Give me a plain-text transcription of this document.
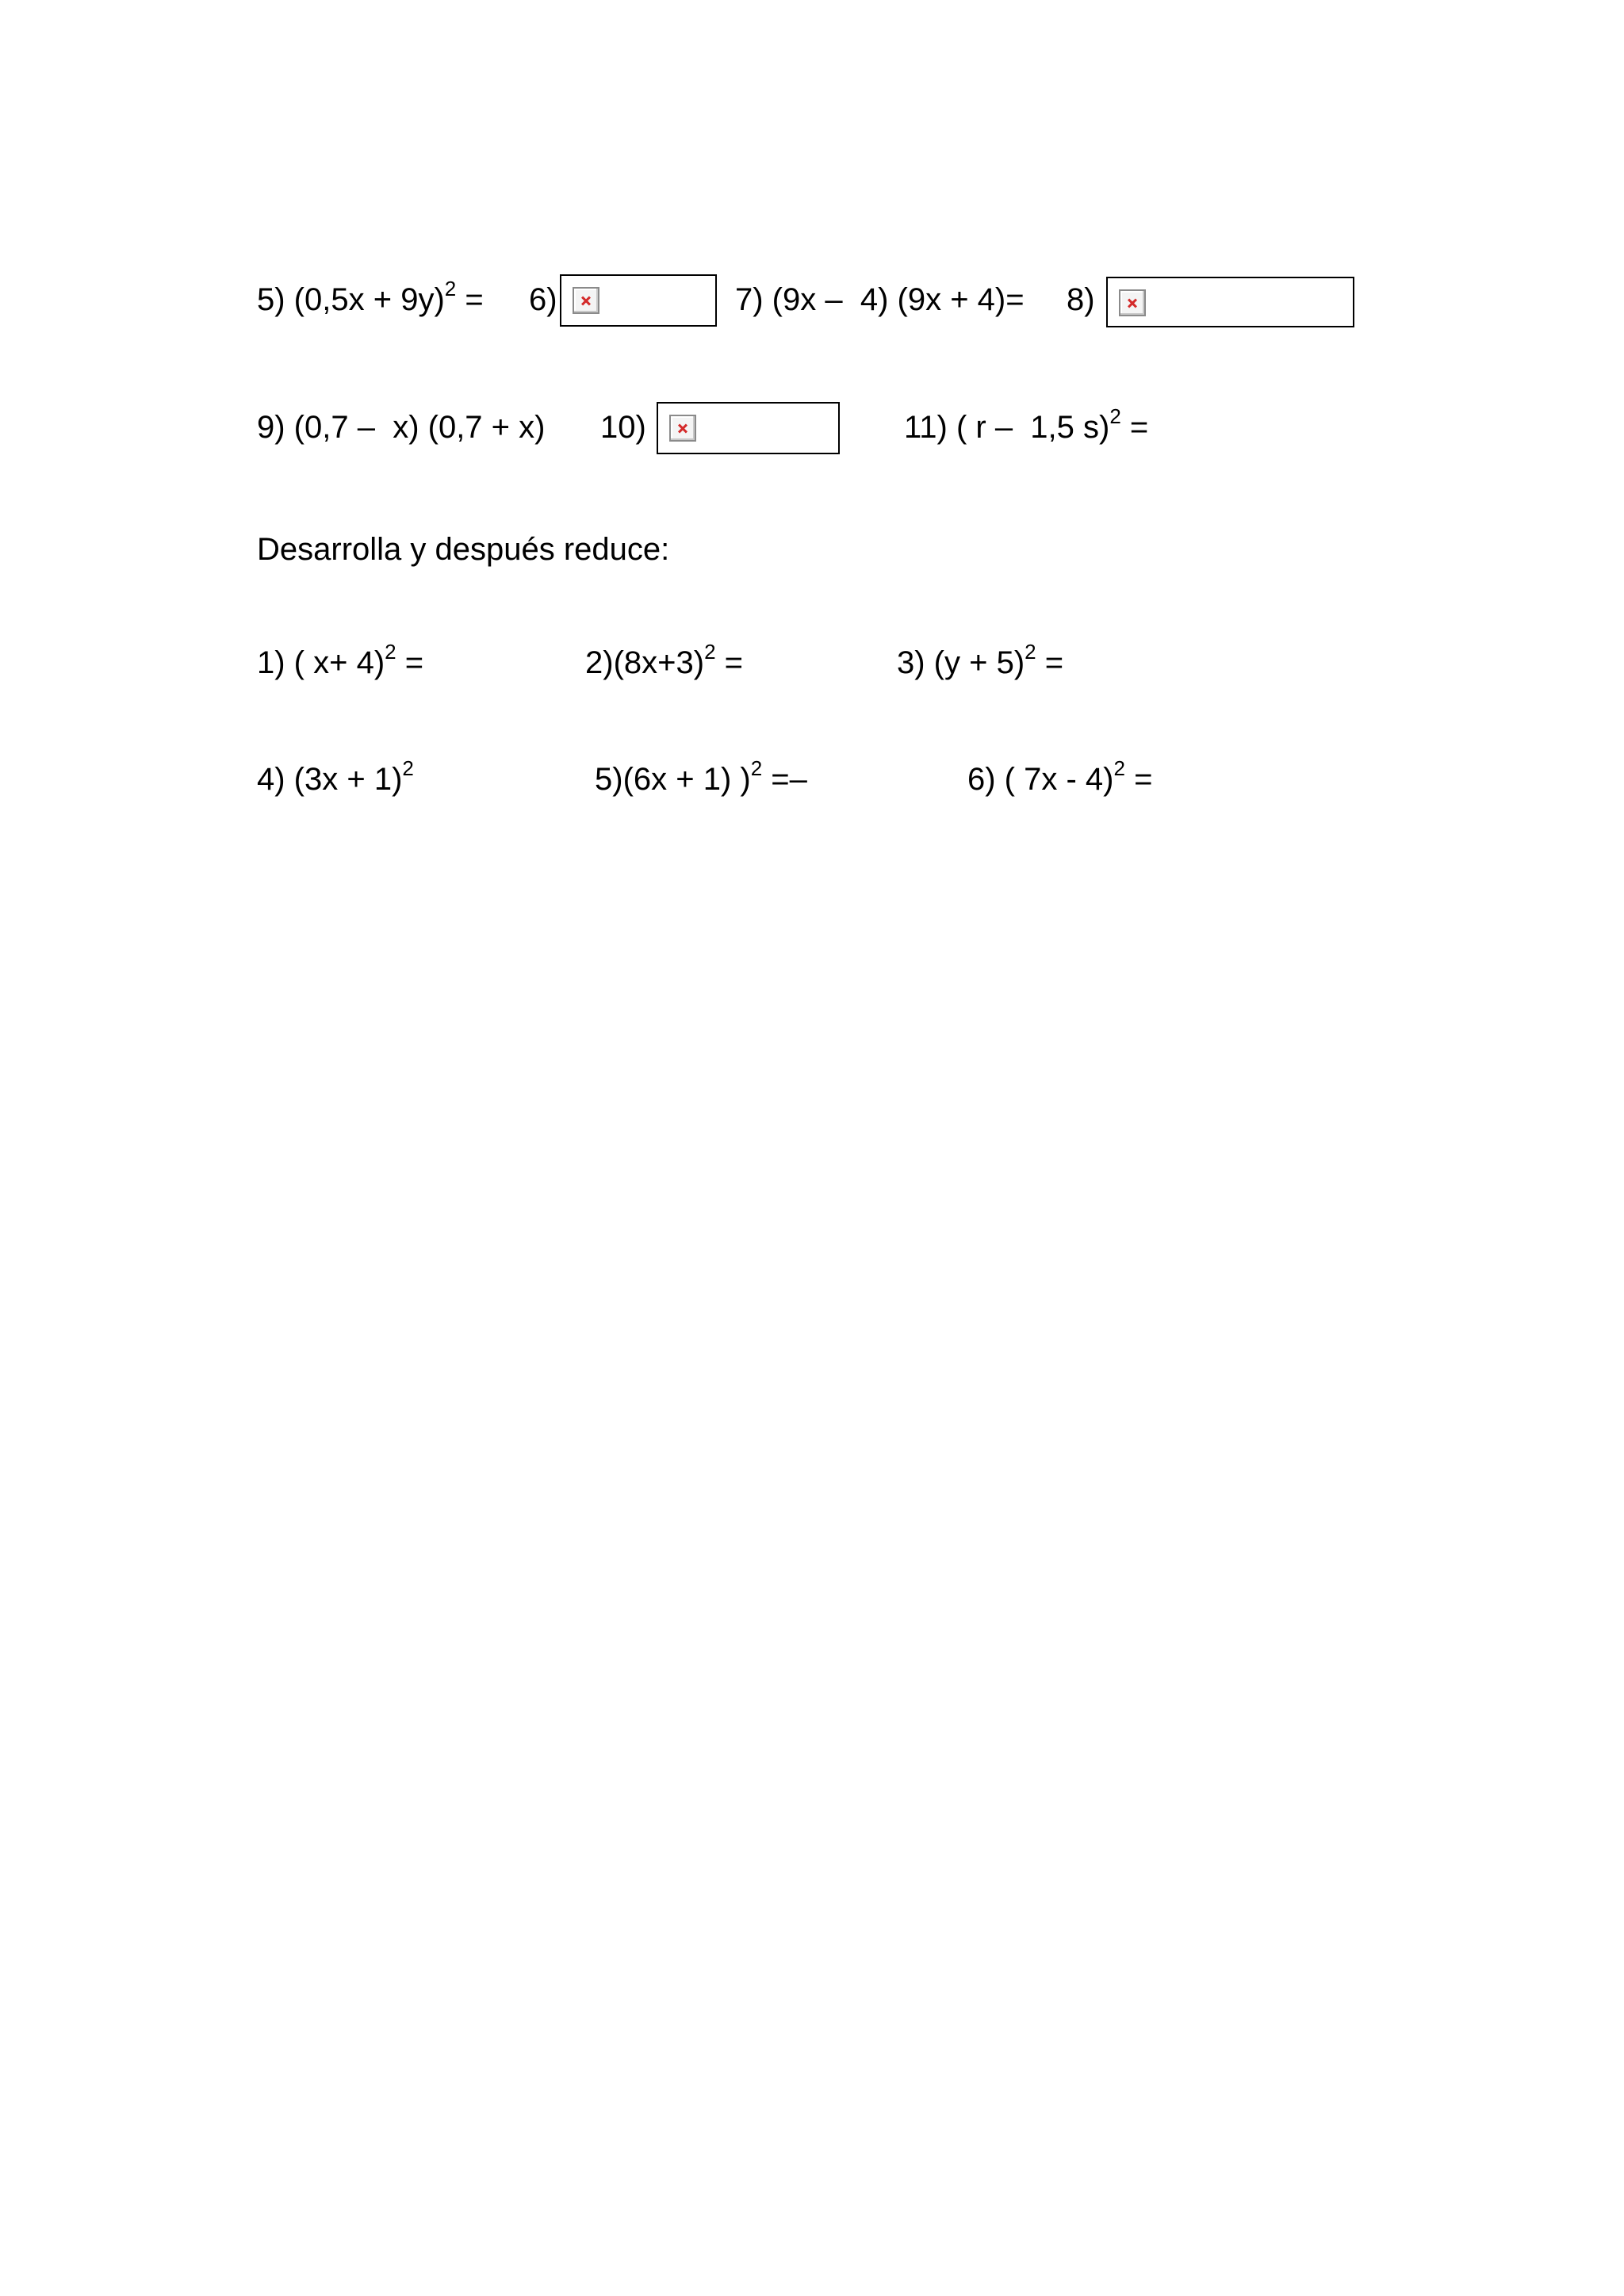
5) $(0,5x + 9y)^2 = 6$)	7) (9x –  4) (9x + 4)= 8)
9) (0,7 –  x) (0,7 + x) 10)	11) ( r –  1,5 s)$^2$ =
Desarrolla y después reduce:
1) ( x+ 4)$^2$ =	$2)(8x+3)^2$ =	3) $(y + 5)^2$ =
4) $(3x + 1)^2$	5)(6x + 1) )$^2$ =–	6) ( 7x - 4)$^2$ =
